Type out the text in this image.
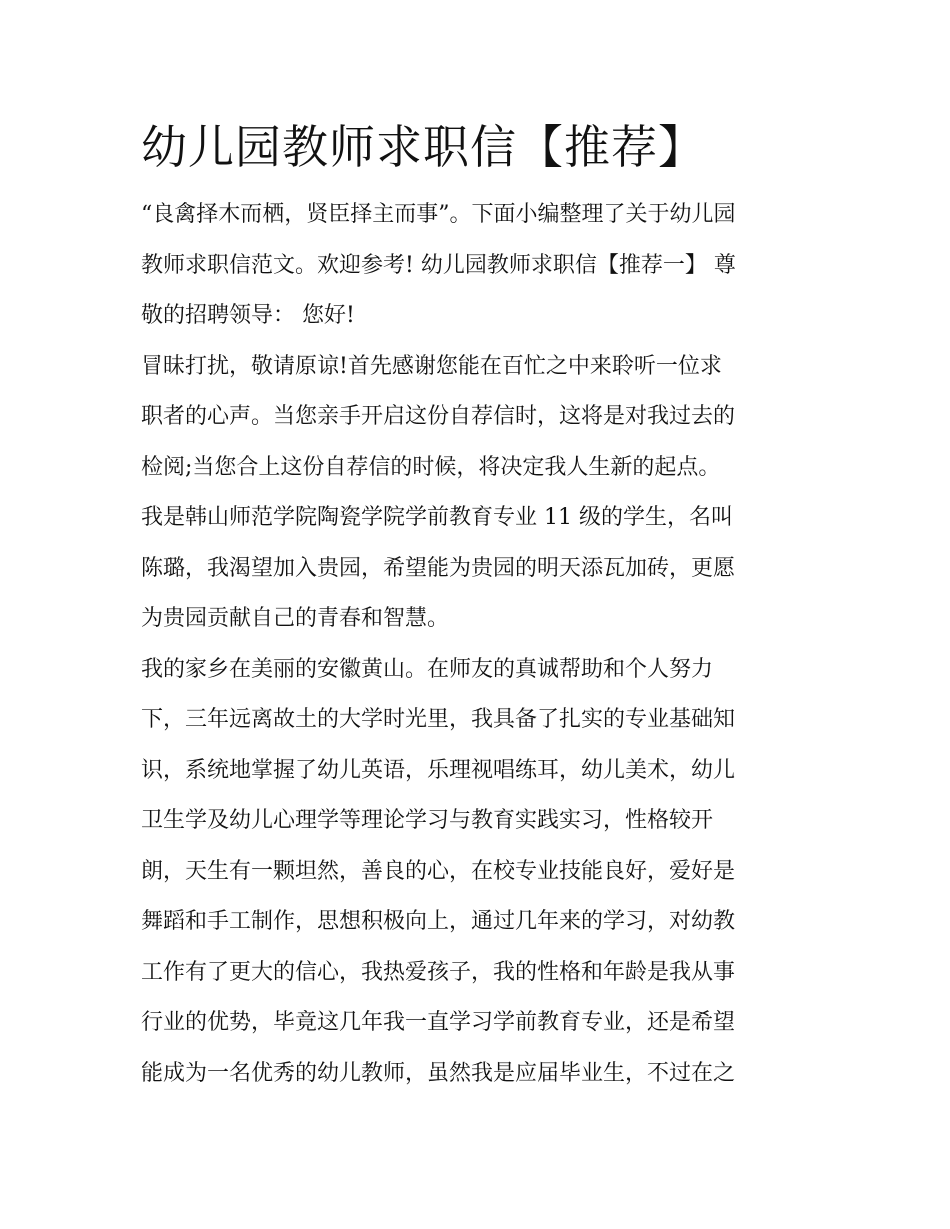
幼儿园教师求职信【推荐】
“良禽择木而栖，贤臣择主而事”。下面小编整理了关于幼儿园
教师求职信范文。欢迎参考! 幼儿园教师求职信【推荐一】 尊
敬的招聘领导： 您好!
冒昧打扰，敬请原谅!首先感谢您能在百忙之中来聆听一位求
职者的心声。当您亲手开启这份自荐信时，这将是对我过去的
检阅;当您合上这份自荐信的时候，将决定我人生新的起点。
我是韩山师范学院陶瓷学院学前教育专业 11 级的学生，名叫
陈璐，我渴望加入贵园，希望能为贵园的明天添瓦加砖，更愿
为贵园贡献自己的青春和智慧。
我的家乡在美丽的安徽黄山。在师友的真诚帮助和个人努力
下，三年远离故土的大学时光里，我具备了扎实的专业基础知
识，系统地掌握了幼儿英语，乐理视唱练耳，幼儿美术，幼儿
卫生学及幼儿心理学等理论学习与教育实践实习，性格较开
朗，天生有一颗坦然，善良的心，在校专业技能良好，爱好是
舞蹈和手工制作，思想积极向上，通过几年来的学习，对幼教
工作有了更大的信心，我热爱孩子，我的性格和年龄是我从事
行业的优势，毕竟这几年我一直学习学前教育专业，还是希望
能成为一名优秀的幼儿教师，虽然我是应届毕业生，不过在之
